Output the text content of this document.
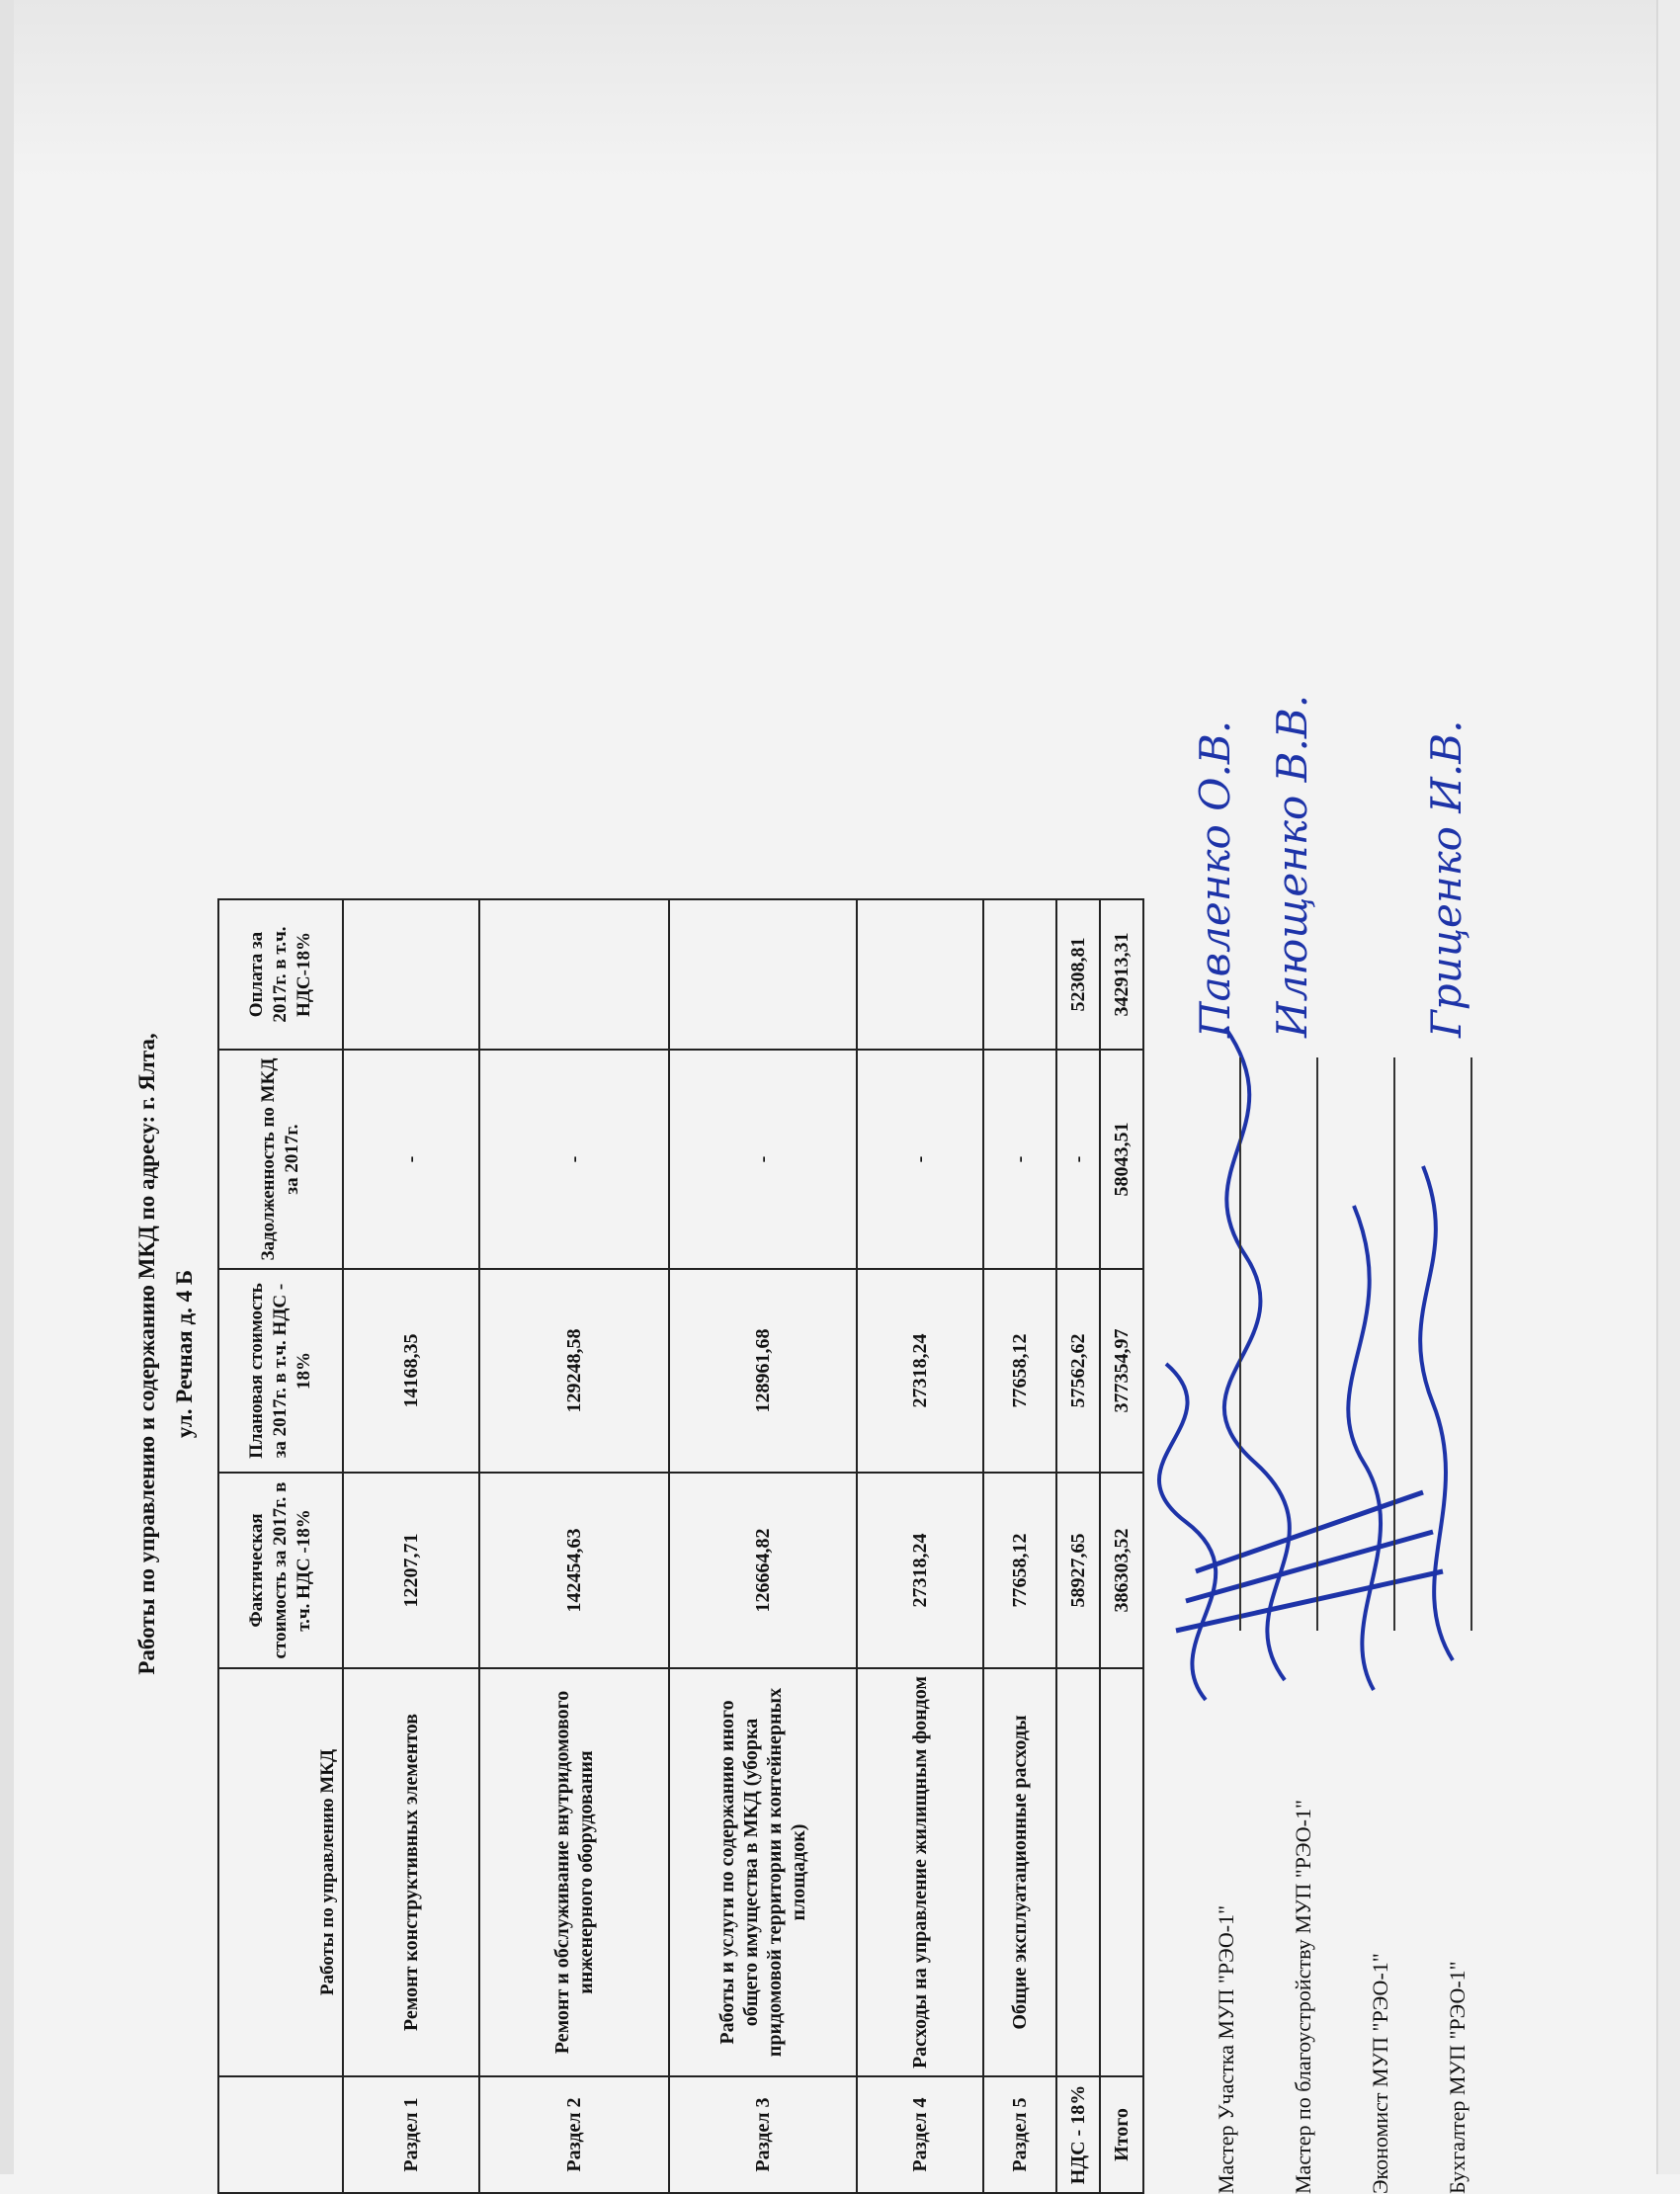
Работы по управлению и содержанию МКД по адресу: г. Ялта, ул. Речная д. 4 Б
	Работы по управлению МКД	Фактическая стоимость за 2017г. в т.ч. НДС -18%	Плановая стоимость за 2017г. в т.ч. НДС - 18%	Задолженность по МКД за 2017г.	Оплата за 2017г. в т.ч. НДС-18%	
Раздел 1	Ремонт конструктивных элементов	12207,71	14168,35	-		
Раздел 2	Ремонт и обслуживание внутридомового инженерного оборудования	142454,63	129248,58	-		
Раздел 3	Работы и услуги по содержанию иного общего имущества в МКД (уборка придомовой территории и контейнерных площадок)	126664,82	128961,68	-		
Раздел 4	Расходы на управление жилищным фондом	27318,24	27318,24	-		
Раздел 5	Общие эксплуатационные расходы	77658,12	77658,12	-		
НДС - 18%		58927,65	57562,62	-	52308,81	
Итого		386303,52	377354,97	58043,51	342913,31	
Мастер Участка МУП "РЭО-1"
Павленко О.В.
Мастер по благоустройству МУП "РЭО-1"
Илющенко В.В.
Экономист МУП "РЭО-1" Бухгалтер МУП "РЭО-1"
Гриценко И.В.
